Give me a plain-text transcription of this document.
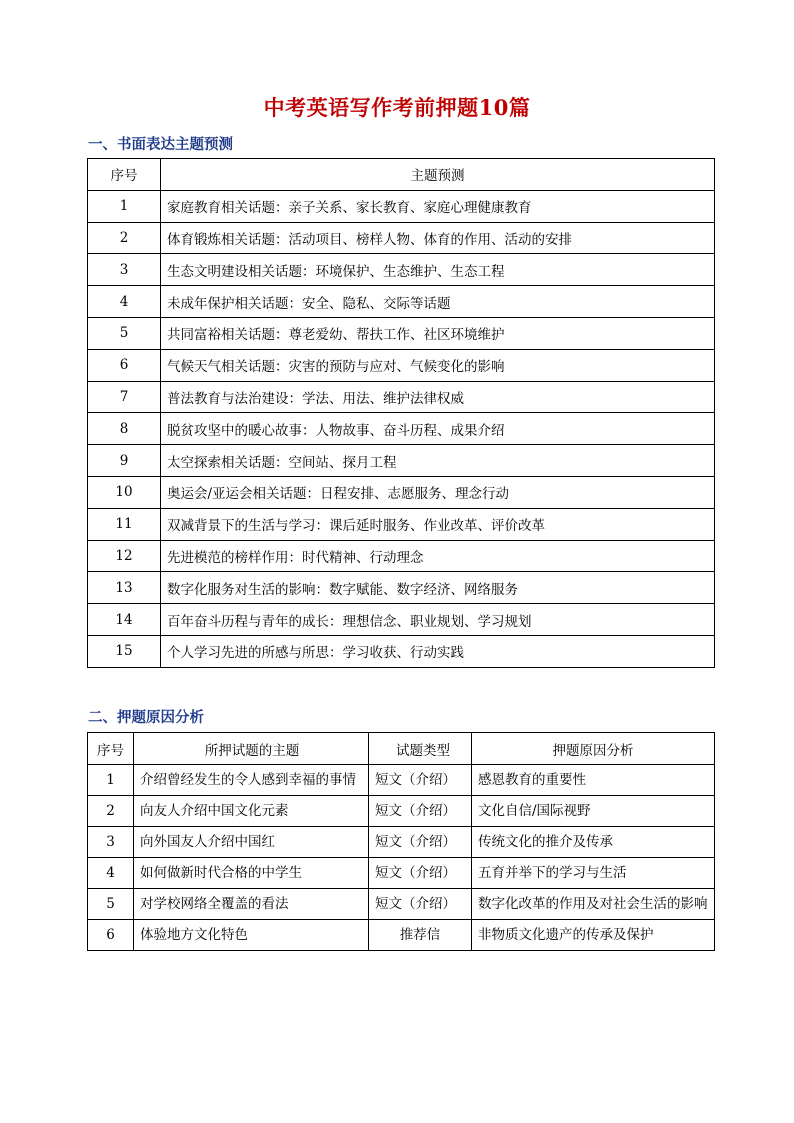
中考英语写作考前押题10篇
一、书面表达主题预测
序号	主题预测
1	家庭教育相关话题：亲子关系、家长教育、家庭心理健康教育
2	体育锻炼相关话题：活动项目、榜样人物、体育的作用、活动的安排
3	生态文明建设相关话题：环境保护、生态维护、生态工程
4	未成年保护相关话题：安全、隐私、交际等话题
5	共同富裕相关话题：尊老爱幼、帮扶工作、社区环境维护
6	气候天气相关话题：灾害的预防与应对、气候变化的影响
7	普法教育与法治建设：学法、用法、维护法律权威
8	脱贫攻坚中的暖心故事：人物故事、奋斗历程、成果介绍
9	太空探索相关话题：空间站、探月工程
10	奥运会/亚运会相关话题：日程安排、志愿服务、理念行动
11	双减背景下的生活与学习：课后延时服务、作业改革、评价改革
12	先进模范的榜样作用：时代精神、行动理念
13	数字化服务对生活的影响：数字赋能、数字经济、网络服务
14	百年奋斗历程与青年的成长：理想信念、职业规划、学习规划
15	个人学习先进的所感与所思：学习收获、行动实践
二、押题原因分析
序号	所押试题的主题	试题类型	押题原因分析
1	介绍曾经发生的令人感到幸福的事情	短文（介绍）	感恩教育的重要性
2	向友人介绍中国文化元素	短文（介绍）	文化自信/国际视野
3	向外国友人介绍中国红	短文（介绍）	传统文化的推介及传承
4	如何做新时代合格的中学生	短文（介绍）	五育并举下的学习与生活
5	对学校网络全覆盖的看法	短文（介绍）	数字化改革的作用及对社会生活的影响
6	体验地方文化特色	推荐信	非物质文化遗产的传承及保护
